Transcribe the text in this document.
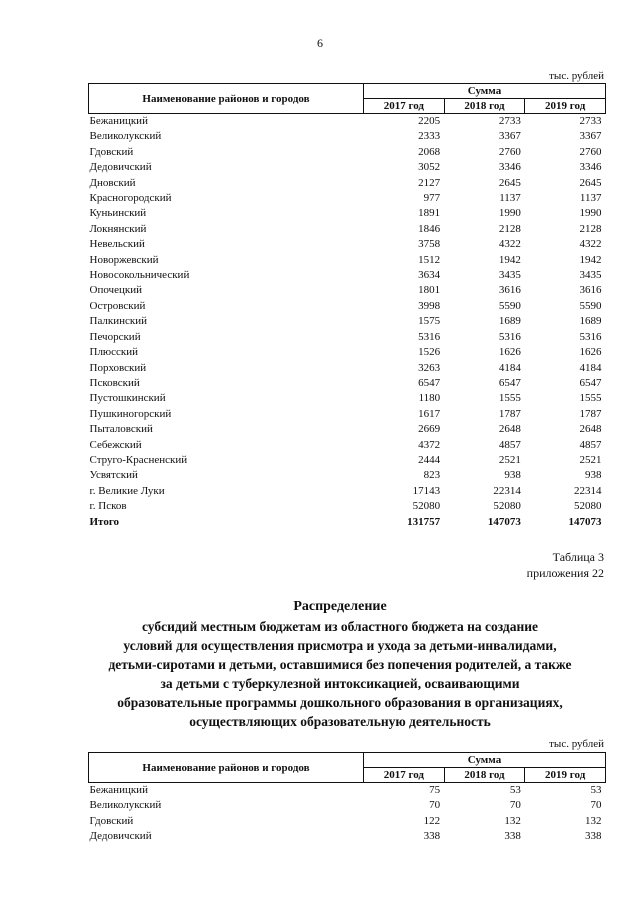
6
тыс. рублей
Наименование районов и городов	Сумма		
	2017 год	2018 год	2019 год
Бежаницкий	2205	2733	2733
Великолукский	2333	3367	3367
Гдовский	2068	2760	2760
Дедовичский	3052	3346	3346
Дновский	2127	2645	2645
Красногородский	977	1137	1137
Куньинский	1891	1990	1990
Локнянский	1846	2128	2128
Невельский	3758	4322	4322
Новоржевский	1512	1942	1942
Новосокольнический	3634	3435	3435
Опочецкий	1801	3616	3616
Островский	3998	5590	5590
Палкинский	1575	1689	1689
Печорский	5316	5316	5316
Плюсский	1526	1626	1626
Порховский	3263	4184	4184
Псковский	6547	6547	6547
Пустошкинский	1180	1555	1555
Пушкиногорский	1617	1787	1787
Пыталовский	2669	2648	2648
Себежский	4372	4857	4857
Струго-Красненский	2444	2521	2521
Усвятский	823	938	938
г. Великие Луки	17143	22314	22314
г. Псков	52080	52080	52080
Итого	131757	147073	147073
Таблица 3
приложения 22
Распределение
субсидий местным бюджетам из областного бюджета на создание
условий для осуществления присмотра и ухода за детьми-инвалидами,
детьми-сиротами и детьми, оставшимися без попечения родителей, а также
за детьми с туберкулезной интоксикацией, осваивающими
образовательные программы дошкольного образования в организациях,
осуществляющих образовательную деятельность
тыс. рублей
Наименование районов и городов	Сумма		
	2017 год	2018 год	2019 год
Бежаницкий	75	53	53
Великолукский	70	70	70
Гдовский	122	132	132
Дедовичский	338	338	338
